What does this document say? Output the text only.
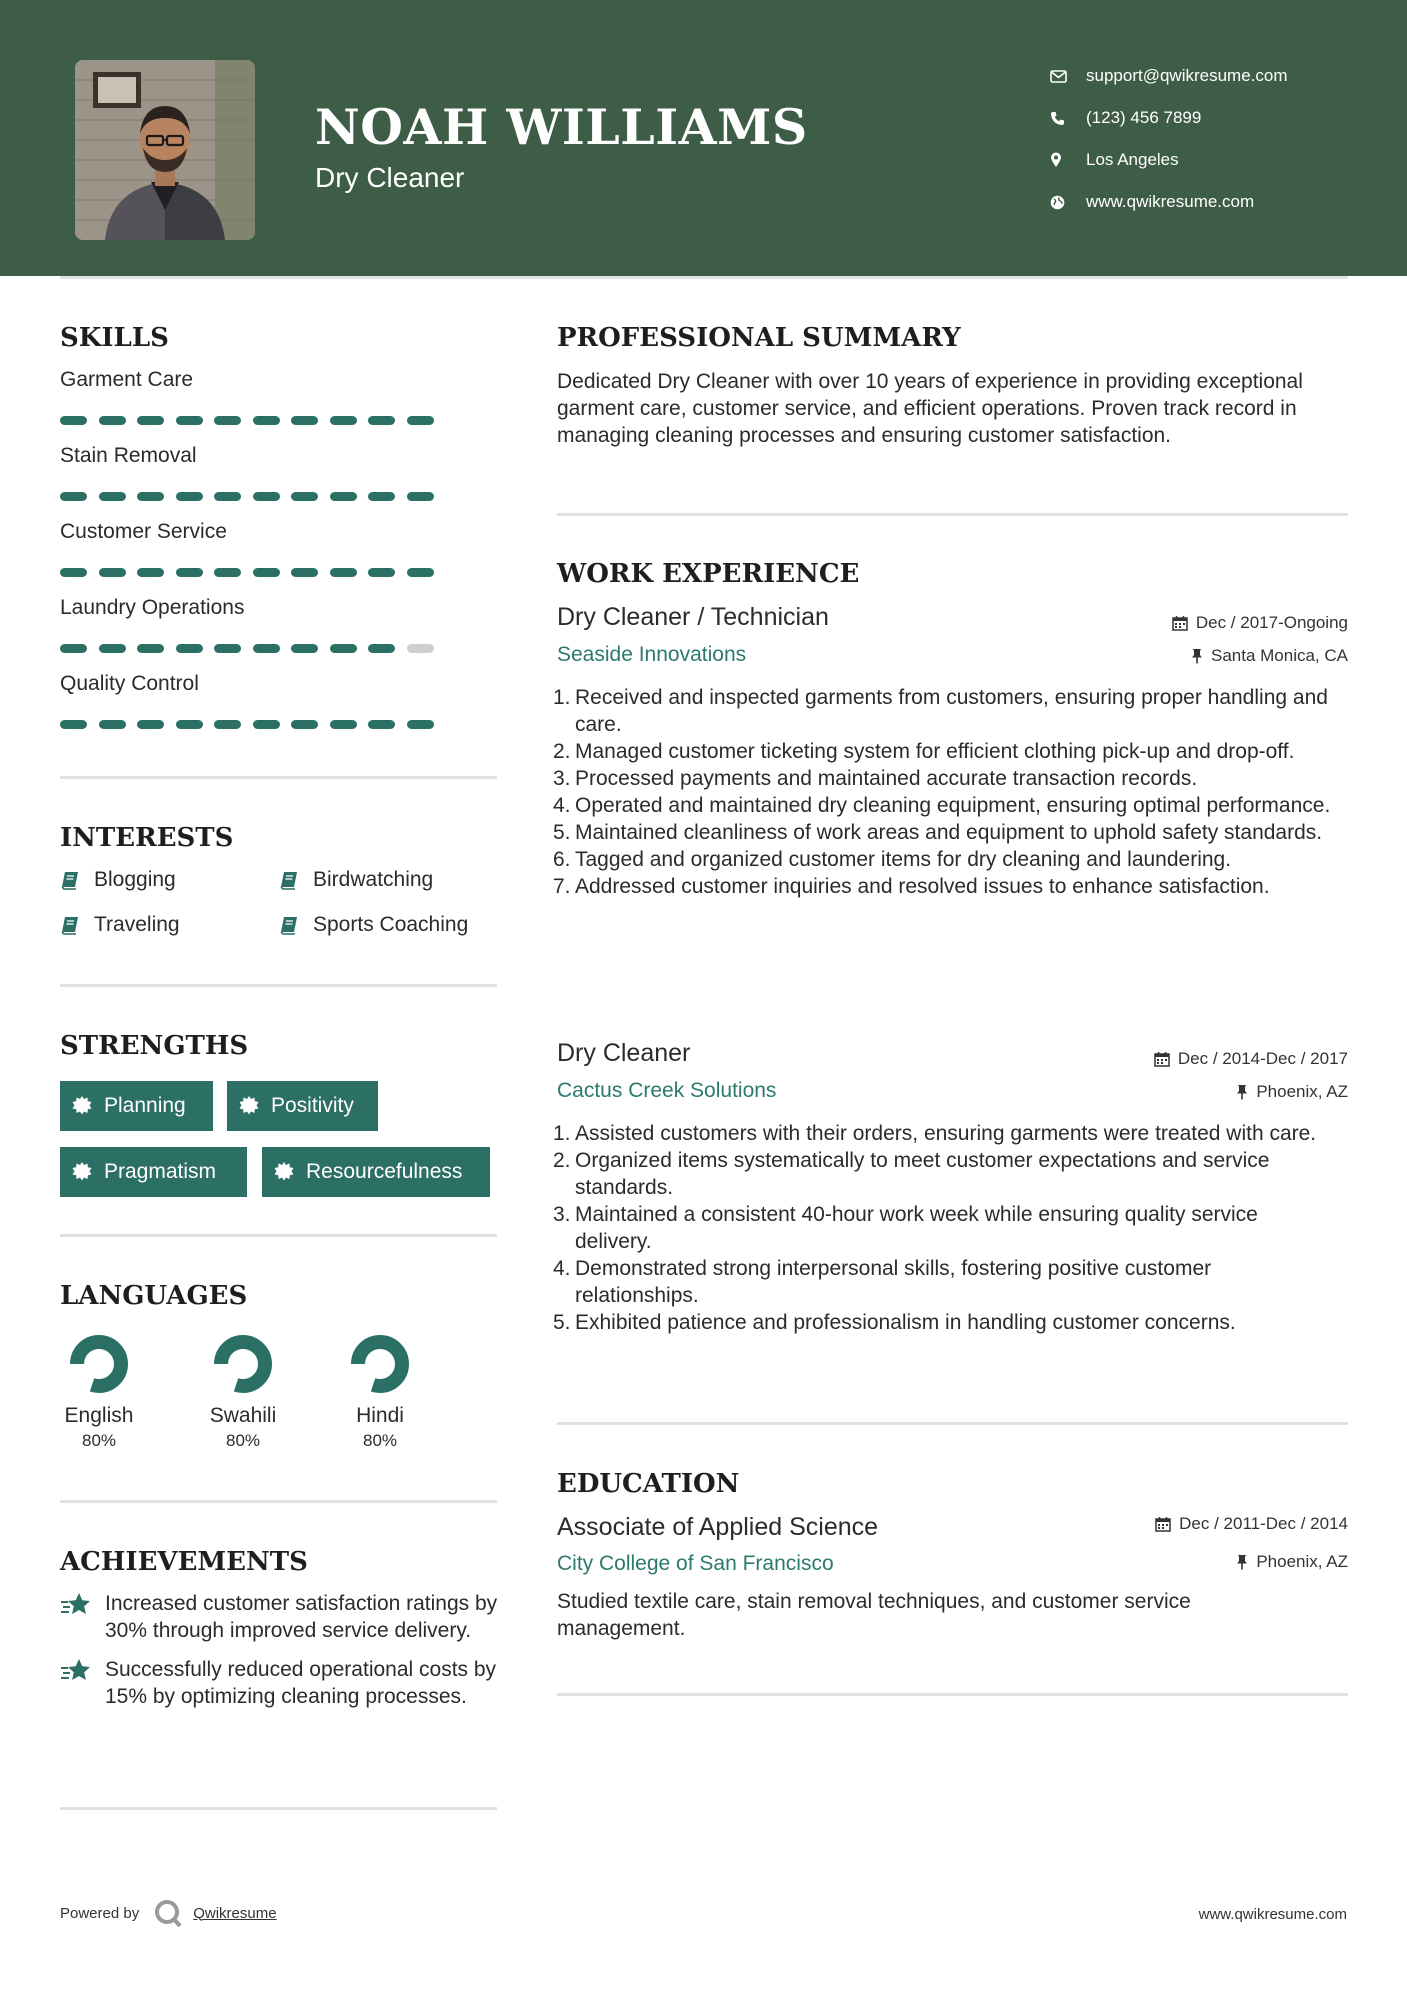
NOAH WILLIAMS
Dry Cleaner
support@qwikresume.com
(123) 456 7899
Los Angeles
www.qwikresume.com
SKILLS
Garment Care
Stain Removal
Customer Service
Laundry Operations
Quality Control
INTERESTS
Blogging	Birdwatching
Traveling	Sports Coaching
STRENGTHS
Planning	Positivity
Pragmatism	Resourcefulness
LANGUAGES
English
80%
Swahili
80%
Hindi
80%
ACHIEVEMENTS
Increased customer satisfaction ratings by 30% through improved service delivery.
Successfully reduced operational costs by 15% by optimizing cleaning processes.
PROFESSIONAL SUMMARY
Dedicated Dry Cleaner with over 10 years of experience in providing exceptional garment care, customer service, and efficient operations. Proven track record in managing cleaning processes and ensuring customer satisfaction.
WORK EXPERIENCE
Dry Cleaner / Technician	Dec / 2017-Ongoing
Seaside Innovations	Santa Monica, CA
1. Received and inspected garments from customers, ensuring proper handling and care.
2. Managed customer ticketing system for efficient clothing pick-up and drop-off.
3. Processed payments and maintained accurate transaction records.
4. Operated and maintained dry cleaning equipment, ensuring optimal performance.
5. Maintained cleanliness of work areas and equipment to uphold safety standards.
6. Tagged and organized customer items for dry cleaning and laundering.
7. Addressed customer inquiries and resolved issues to enhance satisfaction.
Dry Cleaner	Dec / 2014-Dec / 2017
Cactus Creek Solutions	Phoenix, AZ
1. Assisted customers with their orders, ensuring garments were treated with care.
2. Organized items systematically to meet customer expectations and service standards.
3. Maintained a consistent 40-hour work week while ensuring quality service delivery.
4. Demonstrated strong interpersonal skills, fostering positive customer relationships.
5. Exhibited patience and professionalism in handling customer concerns.
EDUCATION
Associate of Applied Science	Dec / 2011-Dec / 2014
City College of San Francisco	Phoenix, AZ
Studied textile care, stain removal techniques, and customer service management.
Powered by	Qwikresume	www.qwikresume.com
